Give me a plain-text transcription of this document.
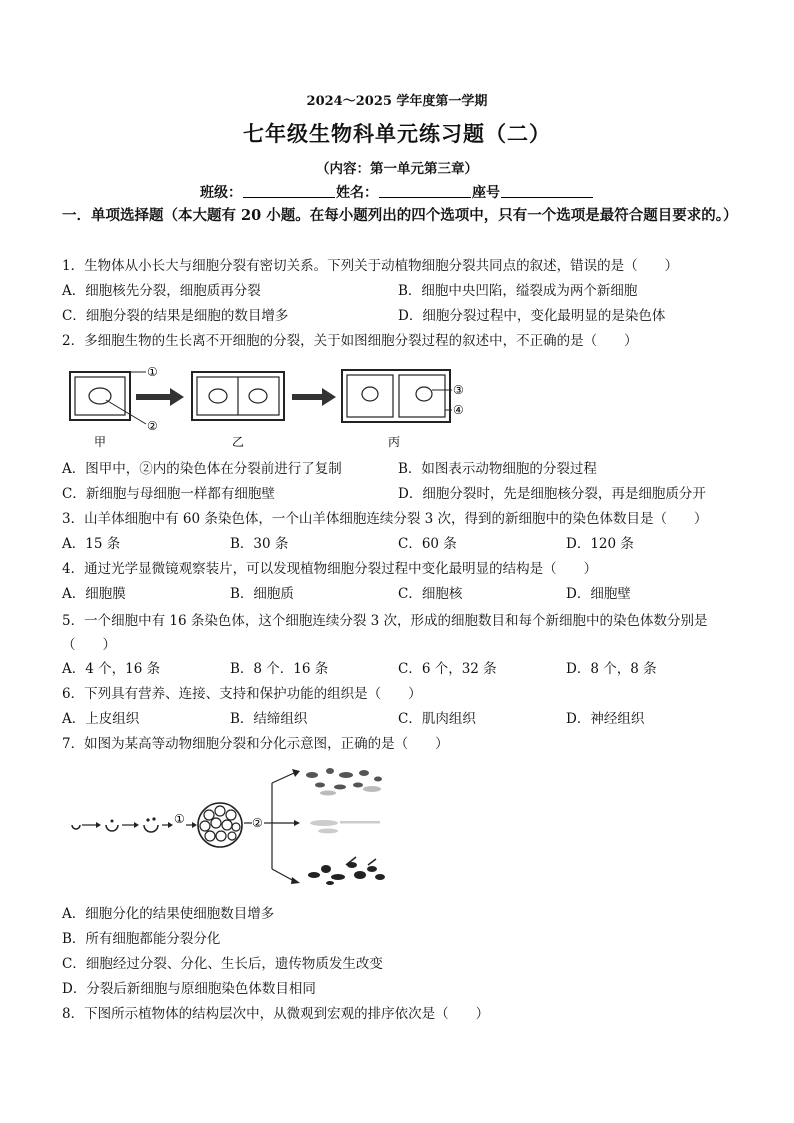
2024～2025 学年度第一学期
七年级生物科单元练习题（二）
（内容：第一单元第三章）
班级：	姓名：	座号
一．单项选择题（本大题有 20 小题。在每小题列出的四个选项中，只有一个选项是最符合题目要求的。）
1．生物体从小长大与细胞分裂有密切关系。下列关于动植物细胞分裂共同点的叙述，错误的是（　　）
A．细胞核先分裂，细胞质再分裂	B．细胞中央凹陷，缢裂成为两个新细胞
C．细胞分裂的结果是细胞的数目增多	D．细胞分裂过程中，变化最明显的是染色体
2．多细胞生物的生长离不开细胞的分裂，关于如图细胞分裂过程的叙述中，不正确的是（　　）
①
②
甲	乙
③
④
丙
A．图甲中，②内的染色体在分裂前进行了复制	B．如图表示动物细胞的分裂过程
C．新细胞与母细胞一样都有细胞壁	D．细胞分裂时，先是细胞核分裂，再是细胞质分开
3．山羊体细胞中有 60 条染色体，一个山羊体细胞连续分裂 3 次，得到的新细胞中的染色体数目是（　　）
A．15 条	B．30 条	C．60 条	D．120 条
4．通过光学显微镜观察装片，可以发现植物细胞分裂过程中变化最明显的结构是（　　）
A．细胞膜	B．细胞质	C．细胞核	D．细胞壁
5．一个细胞中有 16 条染色体，这个细胞连续分裂 3 次，形成的细胞数目和每个新细胞中的染色体数分别是（　　）
A．4 个，16 条	B．8 个．16 条	C．6 个，32 条	D．8 个，8 条
6．下列具有营养、连接、支持和保护功能的组织是（　　）
A．上皮组织	B．结缔组织	C．肌肉组织	D．神经组织
7．如图为某高等动物细胞分裂和分化示意图，正确的是（　　）
①	②
A．细胞分化的结果使细胞数目增多
B．所有细胞都能分裂分化
C．细胞经过分裂、分化、生长后，遗传物质发生改变
D．分裂后新细胞与原细胞染色体数目相同
8．下图所示植物体的结构层次中，从微观到宏观的排序依次是（　　）
